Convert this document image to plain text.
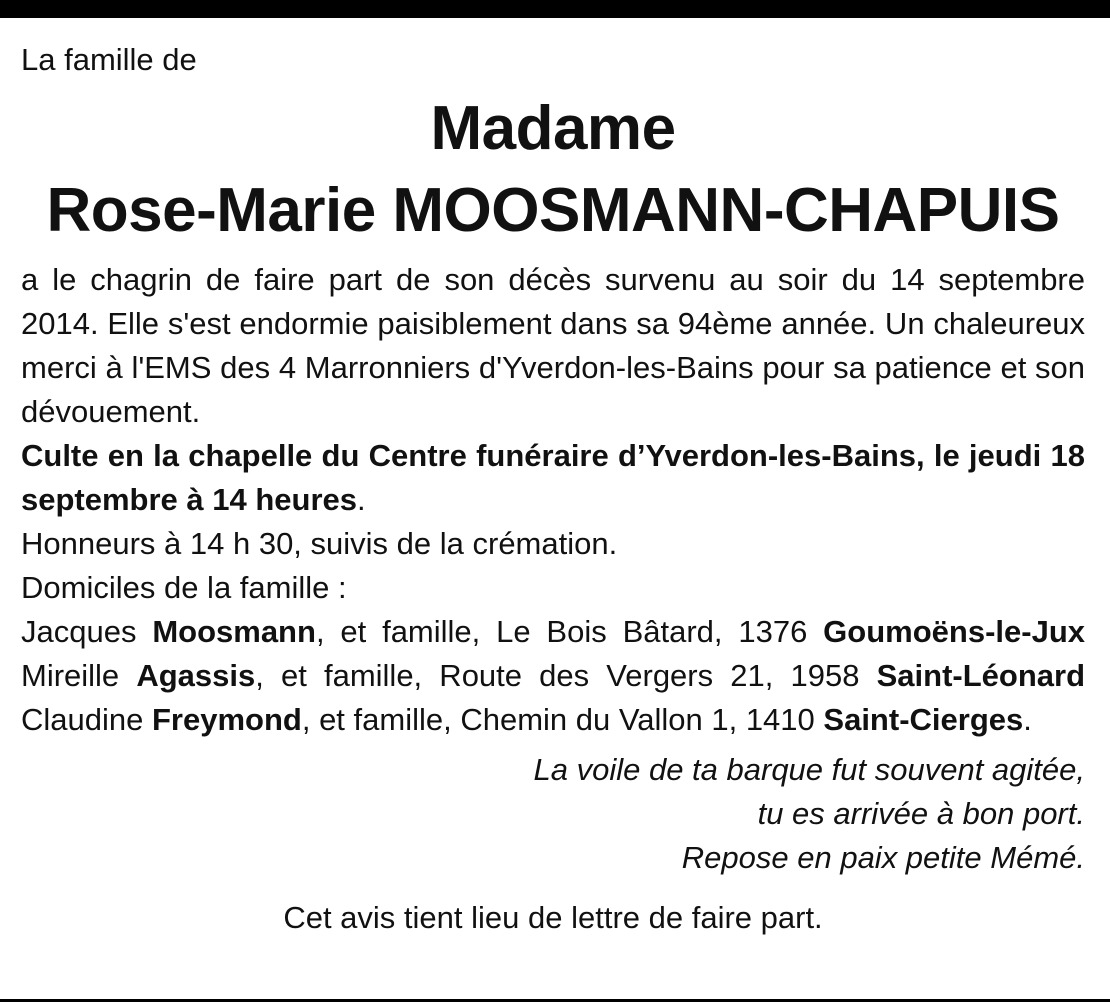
La famille de

Madame
Rose-Marie MOOSMANN-CHAPUIS
a le chagrin de faire part de son décès survenu au soir du 14 septembre 2014. Elle s'est endormie paisiblement dans sa 94ème année. Un chaleureux merci à l'EMS des 4 Marronniers d'Yverdon-les-Bains pour sa patience et son dévouement.
Culte en la chapelle du Centre funéraire d’Yverdon-les-Bains, le jeudi 18 septembre à 14 heures.
Honneurs à 14 h 30, suivis de la crémation.
Domiciles de la famille :
Jacques Moosmann, et famille, Le Bois Bâtard, 1376 Goumoëns-le-Jux
Mireille Agassis, et famille, Route des Vergers 21, 1958 Saint-Léonard
Claudine Freymond, et famille, Chemin du Vallon 1, 1410 Saint-Cierges.
La voile de ta barque fut souvent agitée,
tu es arrivée à bon port.
Repose en paix petite Mémé.
Cet avis tient lieu de lettre de faire part.
